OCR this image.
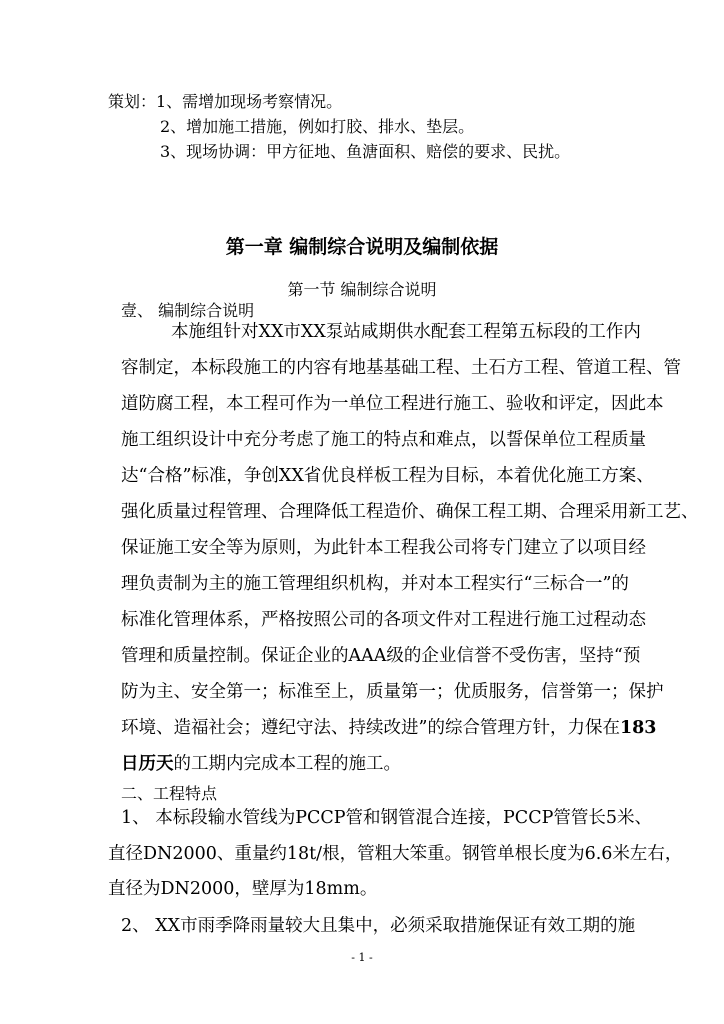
策划：1、需增加现场考察情况。
2、增加施工措施，例如打胶、排水、垫层。
3、现场协调：甲方征地、鱼溏面积、赔偿的要求、民扰。
第一章 编制综合说明及编制依据
第一节 编制综合说明
壹、 编制综合说明
本施组针对XX市XX泵站咸期供水配套工程第五标段的工作内
容制定，本标段施工的内容有地基基础工程、土石方工程、管道工程、管
道防腐工程，本工程可作为一单位工程进行施工、验收和评定，因此本
施工组织设计中充分考虑了施工的特点和难点，以誓保单位工程质量
达“合格”标准，争创XX省优良样板工程为目标，本着优化施工方案、
强化质量过程管理、合理降低工程造价、确保工程工期、合理采用新工艺、
保证施工安全等为原则，为此针本工程我公司将专门建立了以项目经
理负责制为主的施工管理组织机构，并对本工程实行“三标合一”的
标准化管理体系，严格按照公司的各项文件对工程进行施工过程动态
管理和质量控制。保证企业的AAA级的企业信誉不受伤害，坚持“预
防为主、安全第一；标准至上，质量第一；优质服务，信誉第一；保护
环境、造福社会；遵纪守法、持续改进”的综合管理方针，力保在183
日历天的工期内完成本工程的施工。
二、工程特点
1、 本标段输水管线为PCCP管和钢管混合连接，PCCP管管长5米、
直径DN2000、重量约18t/根，管粗大笨重。钢管单根长度为6.6米左右，
直径为DN2000，壁厚为18mm。
2、 XX市雨季降雨量较大且集中，必须采取措施保证有效工期的施
- 1 -
